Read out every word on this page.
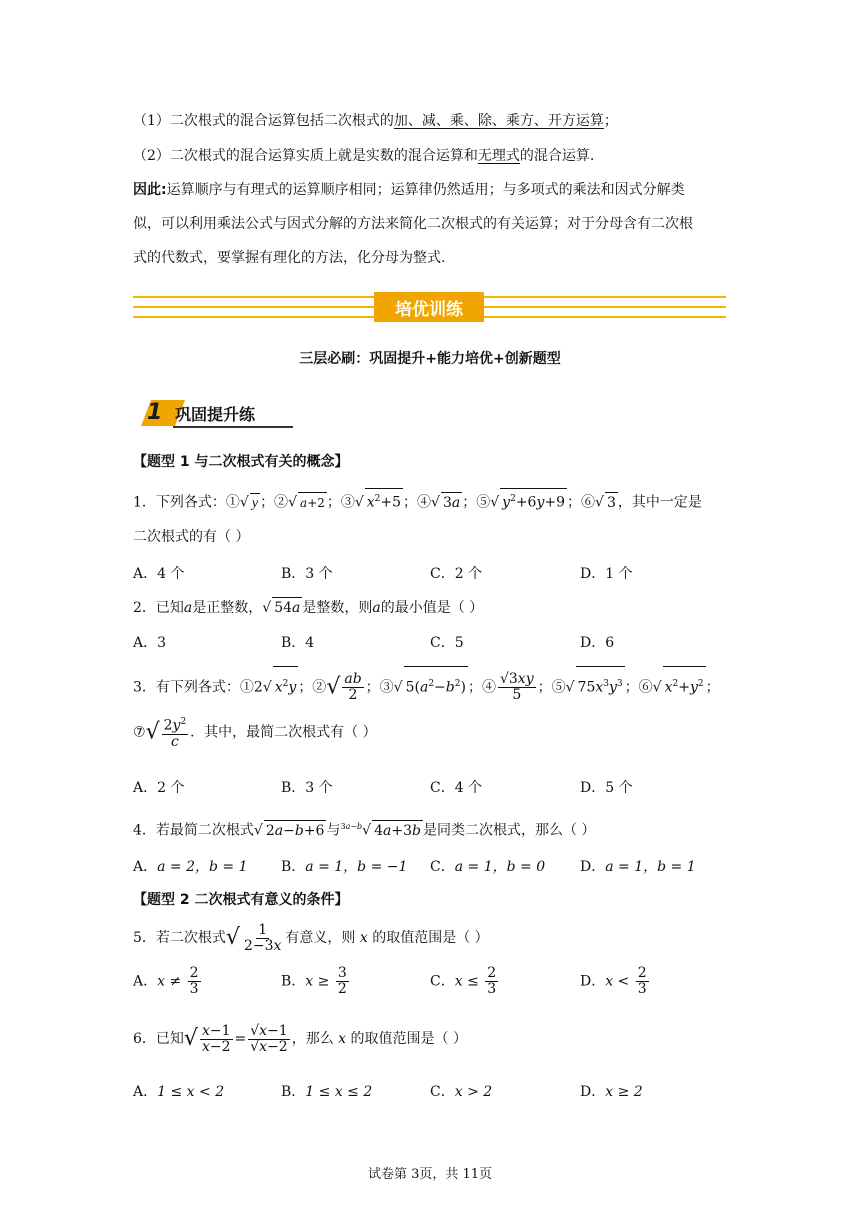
（1）二次根式的混合运算包括二次根式的加、减、乘、除、乘方、开方运算；
（2）二次根式的混合运算实质上就是实数的混合运算和无理式的混合运算.
因此:运算顺序与有理式的运算顺序相同；运算律仍然适用；与多项式的乘法和因式分解类
似，可以利用乘法公式与因式分解的方法来简化二次根式的有关运算；对于分母含有二次根
式的代数式，要掌握有理化的方法，化分母为整式.
培优训练
三层必刷：巩固提升+能力培优+创新题型
1 巩固提升练
【题型 1 与二次根式有关的概念】
1．下列各式：①√ y ；②√ a+2 ；③√ $x^2+5$ ；④√ 3a ；⑤√ $y^2+6y+9$ ；⑥√ 3 ，其中一定是
二次根式的有（ ）
A．4 个	B．3 个	C．2 个	D．1 个
2．已知a是正整数，√ 54a 是整数，则a的最小值是（ ）
A．3	B．4	C．5	D．6
3．有下列各式：①2√ $x^2y$ ；②√ $\frac{ab}{2}$ ；③√ $5(a^2-b^2)$ ；④ $\frac{√3xy}{5}$ ；⑤√ $75x^3y^3$ ；⑥√ $x^2+y^2$ ；
⑦√ $\frac{2y^2}{c}$ ．其中，最简二次根式有（ ）
A．2 个	B．3 个	C．4 个	D．5 个
4．若最简二次根式√ 2a−b+6 与$^{3a-b}$√ 4a+3b 是同类二次根式，那么（ ）
A．a = 2，b = 1 B．a = 1，b = −1 C．a = 1，b = 0 D．a = 1，b = 1
【题型 2 二次根式有意义的条件】
5．若二次根式√ $\frac{1}{2-3x}$ 有意义，则 x 的取值范围是（ ）
A．$x \ne \frac{2}{3}$	B．$x \ge \frac{3}{2}$	C．$x \le \frac{2}{3}$	D．$x < \frac{2}{3}$
6．已知√ $\frac{x-1}{x-2} = \frac{√x-1}{√x-2}$ ，那么 x 的取值范围是（ ）
A．1 ≤ x < 2	B．1 ≤ x ≤ 2	C．x > 2	D．x ≥ 2
试卷第 3页，共 11页
